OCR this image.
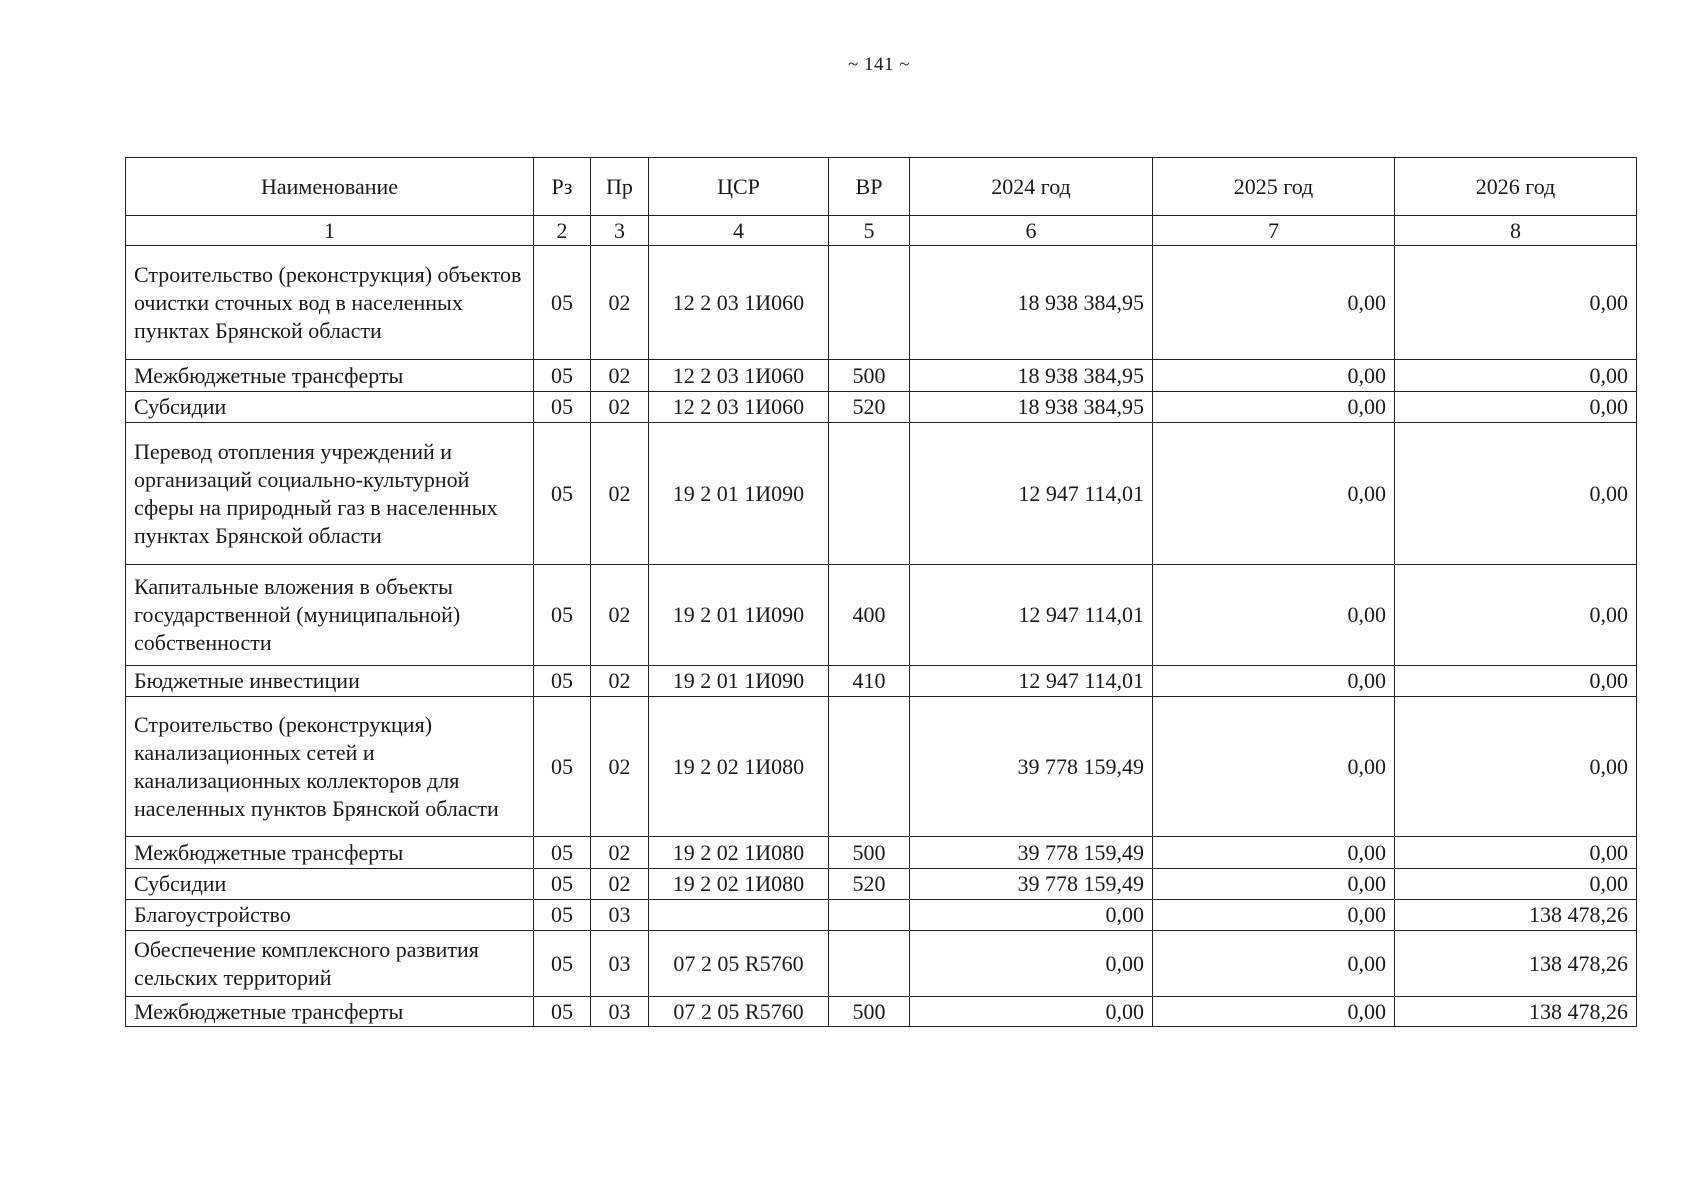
~ 141 ~
Наименование	Рз	Пр	ЦСР	ВР	2024 год	2025 год	2026 год
1	2	3	4	5	6	7	8
Строительство (реконструкция) объектов очистки сточных вод в населенных пунктах Брянской области	05	02	12 2 03 1И060		18 938 384,95	0,00	0,00
Межбюджетные трансферты	05	02	12 2 03 1И060	500	18 938 384,95	0,00	0,00
Субсидии	05	02	12 2 03 1И060	520	18 938 384,95	0,00	0,00
Перевод отопления учреждений и организаций социально-культурной сферы на природный газ в населенных пунктах Брянской области	05	02	19 2 01 1И090		12 947 114,01	0,00	0,00
Капитальные вложения в объекты государственной (муниципальной) собственности	05	02	19 2 01 1И090	400	12 947 114,01	0,00	0,00
Бюджетные инвестиции	05	02	19 2 01 1И090	410	12 947 114,01	0,00	0,00
Строительство (реконструкция) канализационных сетей и канализационных коллекторов для населенных пунктов Брянской области	05	02	19 2 02 1И080		39 778 159,49	0,00	0,00
Межбюджетные трансферты	05	02	19 2 02 1И080	500	39 778 159,49	0,00	0,00
Субсидии	05	02	19 2 02 1И080	520	39 778 159,49	0,00	0,00
Благоустройство	05	03			0,00	0,00	138 478,26
Обеспечение комплексного развития сельских территорий	05	03	07 2 05 R5760		0,00	0,00	138 478,26
Межбюджетные трансферты	05	03	07 2 05 R5760	500	0,00	0,00	138 478,26
